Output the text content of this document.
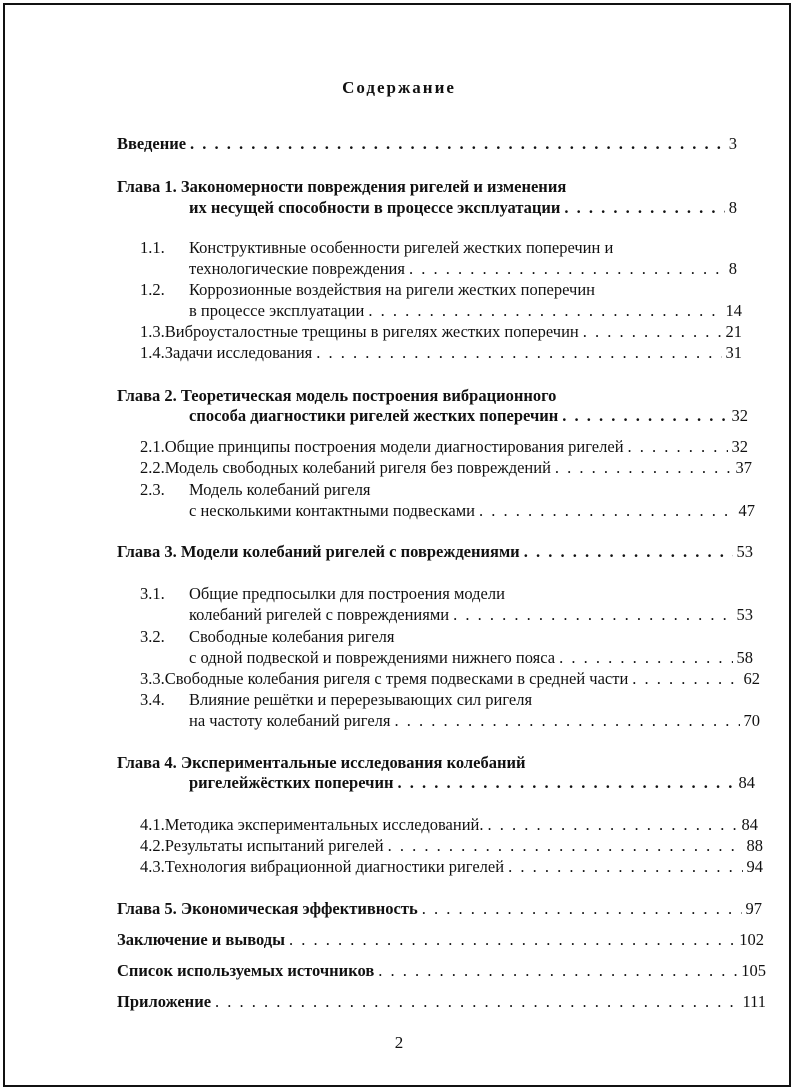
Содержание
Введение . . .	3
Глава 1. Закономерности повреждения ригелей и изменения
их несущей способности в процессе эксплуатации . . .	8
1.1. Конструктивные особенности ригелей жестких поперечин и
технологические повреждения . . .	8
1.2. Коррозионные воздействия на ригели жестких поперечин
в процессе эксплуатации . . .	14
1.3. Виброусталостные трещины в ригелях жестких поперечин . . .	21
1.4. Задачи исследования . . .	31
Глава 2. Теоретическая модель построения вибрационного
способа диагностики ригелей жестких поперечин . . .	32
2.1. Общие принципы построения модели диагностирования ригелей . . .	32
2.2. Модель свободных колебаний ригеля без повреждений . . .	37
2.3. Модель колебаний ригеля
с несколькими контактными подвесками . . .	47
Глава 3. Модели колебаний ригелей с повреждениями . . .	53
3.1. Общие предпосылки для построения модели
колебаний ригелей с повреждениями . . .	53
3.2. Свободные колебания ригеля
с одной подвеской и повреждениями нижнего пояса . . .	58
3.3. Свободные колебания ригеля с тремя подвесками в средней части . . .	62
3.4. Влияние решётки и перерезывающих сил ригеля
на частоту колебаний ригеля . . .	70
Глава 4. Экспериментальные исследования колебаний
ригелейжёстких поперечин . . .	84
4.1. Методика экспериментальных исследований. . . .	84
4.2. Результаты испытаний ригелей . . .	88
4.3. Технология вибрационной диагностики ригелей . . .	94
Глава 5. Экономическая эффективность . . .	97
Заключение и выводы . . .	102
Список используемых источников . . .	105
Приложение . . .	111
2
